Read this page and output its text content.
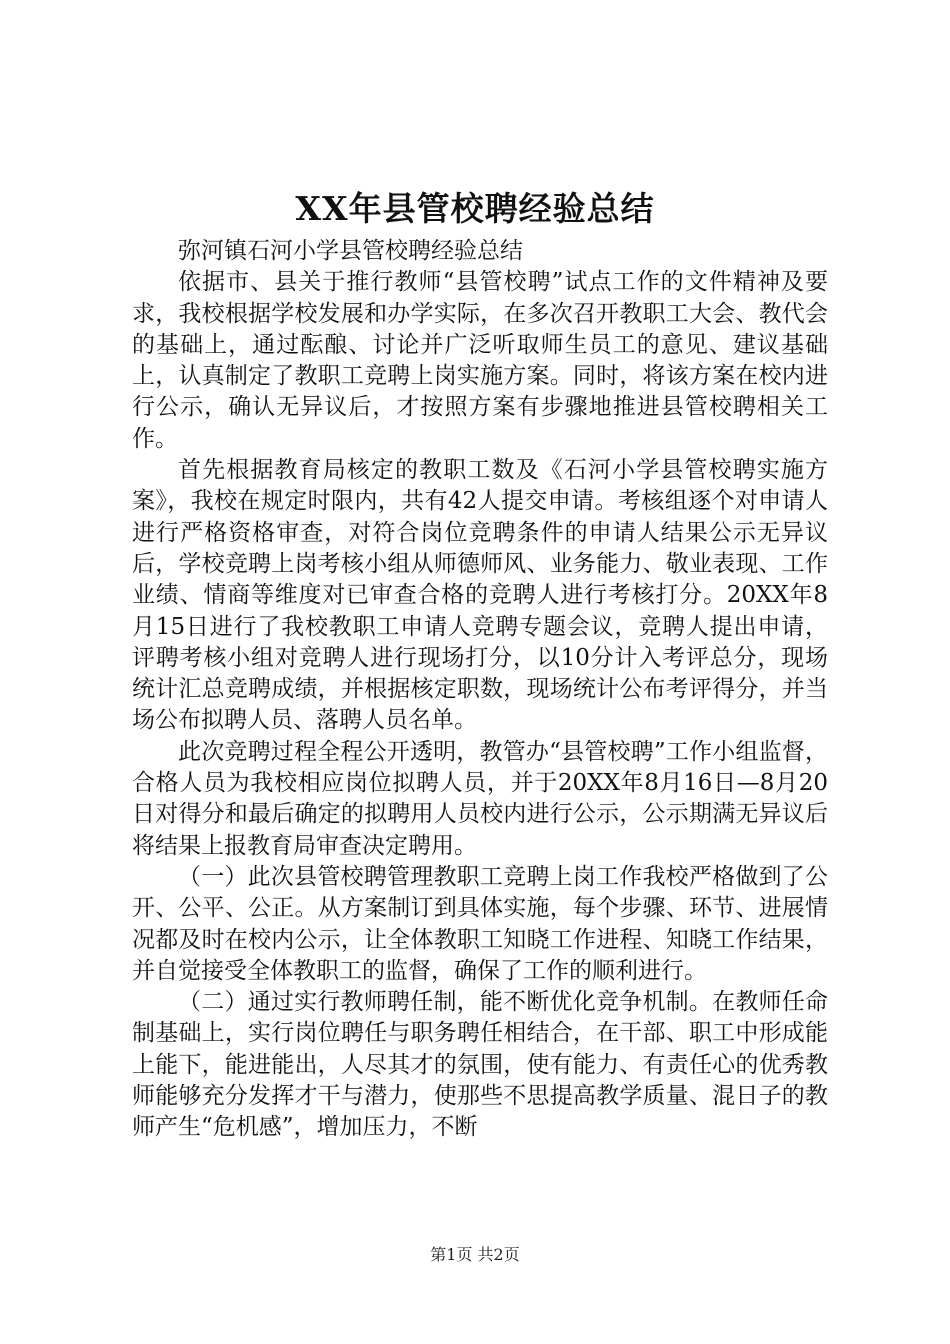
XX年县管校聘经验总结

弥河镇石河小学县管校聘经验总结

依据市、县关于推行教师“县管校聘”试点工作的文件精神及要求，我校根据学校发展和办学实际，在多次召开教职工大会、教代会的基础上，通过酝酿、讨论并广泛听取师生员工的意见、建议基础上，认真制定了教职工竞聘上岗实施方案。同时，将该方案在校内进行公示，确认无异议后，才按照方案有步骤地推进县管校聘相关工作。

首先根据教育局核定的教职工数及《石河小学县管校聘实施方案》，我校在规定时限内，共有42人提交申请。考核组逐个对申请人进行严格资格审查，对符合岗位竞聘条件的申请人结果公示无异议后，学校竞聘上岗考核小组从师德师风、业务能力、敬业表现、工作业绩、情商等维度对已审查合格的竞聘人进行考核打分。20XX年8月15日进行了我校教职工申请人竞聘专题会议，竞聘人提出申请，评聘考核小组对竞聘人进行现场打分，以10分计入考评总分，现场统计汇总竞聘成绩，并根据核定职数，现场统计公布考评得分，并当场公布拟聘人员、落聘人员名单。

此次竞聘过程全程公开透明，教管办“县管校聘”工作小组监督，合格人员为我校相应岗位拟聘人员，并于20XX年8月16日—8月20日对得分和最后确定的拟聘用人员校内进行公示，公示期满无异议后将结果上报教育局审查决定聘用。

（一）此次县管校聘管理教职工竞聘上岗工作我校严格做到了公开、公平、公正。从方案制订到具体实施，每个步骤、环节、进展情况都及时在校内公示，让全体教职工知晓工作进程、知晓工作结果，并自觉接受全体教职工的监督，确保了工作的顺利进行。

（二）通过实行教师聘任制，能不断优化竞争机制。在教师任命制基础上，实行岗位聘任与职务聘任相结合，在干部、职工中形成能上能下，能进能出，人尽其才的氛围，使有能力、有责任心的优秀教师能够充分发挥才干与潜力，使那些不思提高教学质量、混日子的教师产生“危机感”，增加压力，不断

第1页 共2页
